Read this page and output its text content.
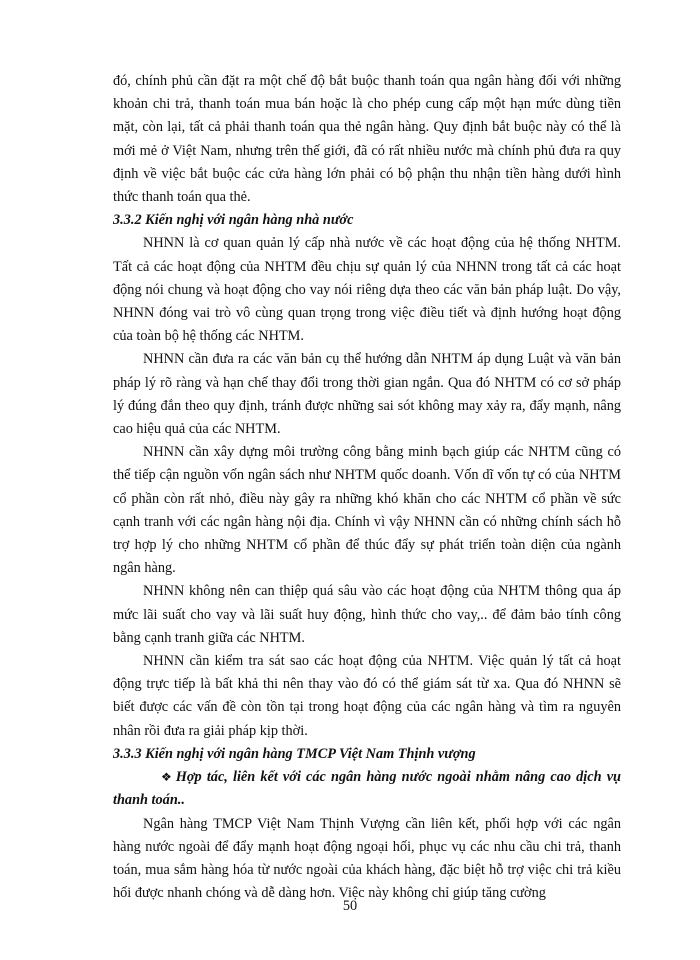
đó, chính phủ cần đặt ra một chế độ bắt buộc thanh toán qua ngân hàng đối với những khoản chi trả, thanh toán mua bán hoặc là cho phép cung cấp một hạn mức dùng tiền mặt, còn lại, tất cả phải thanh toán qua thẻ ngân hàng. Quy định bắt buộc này có thể là mới mẻ ở Việt Nam, nhưng trên thế giới, đã có rất nhiều nước mà chính phủ đưa ra quy định về việc bắt buộc các cửa hàng lớn phải có bộ phận thu nhận tiền hàng dưới hình thức thanh toán qua thẻ.

3.3.2 Kiến nghị với ngân hàng nhà nước

NHNN là cơ quan quản lý cấp nhà nước về các hoạt động của hệ thống NHTM. Tất cả các hoạt động của NHTM đều chịu sự quản lý của NHNN trong tất cả các hoạt động nói chung và hoạt động cho vay nói riêng dựa theo các văn bản pháp luật. Do vậy, NHNN đóng vai trò vô cùng quan trọng trong việc điều tiết và định hướng hoạt động của toàn bộ hệ thống các NHTM.

NHNN cần đưa ra các văn bản cụ thể hướng dẫn NHTM áp dụng Luật và văn bản pháp lý rõ ràng và hạn chế thay đổi trong thời gian ngắn. Qua đó NHTM có cơ sở pháp lý đúng đắn theo quy định, tránh được những sai sót không may xảy ra, đẩy mạnh, nâng cao hiệu quả của các NHTM.

NHNN cần xây dựng môi trường công bằng minh bạch giúp các NHTM cũng có thể tiếp cận nguồn vốn ngân sách như NHTM quốc doanh. Vốn dĩ vốn tự có của NHTM cổ phần còn rất nhỏ, điều này gây ra những khó khăn cho các NHTM cổ phần về sức cạnh tranh với các ngân hàng nội địa. Chính vì vậy NHNN cần có những chính sách hỗ trợ hợp lý cho những NHTM cổ phần để thúc đẩy sự phát triển toàn diện của ngành ngân hàng.

NHNN không nên can thiệp quá sâu vào các hoạt động của NHTM thông qua áp mức lãi suất cho vay và lãi suất huy động, hình thức cho vay,.. để đảm bảo tính công bằng cạnh tranh giữa các NHTM.

NHNN cần kiểm tra sát sao các hoạt động của NHTM. Việc quản lý tất cả hoạt động trực tiếp là bất khả thi nên thay vào đó có thể giám sát từ xa. Qua đó NHNN sẽ biết được các vấn đề còn tồn tại trong hoạt động của các ngân hàng và tìm ra nguyên nhân rồi đưa ra giải pháp kịp thời.

3.3.3 Kiến nghị với ngân hàng TMCP Việt Nam Thịnh vượng

❖ Hợp tác, liên kết với các ngân hàng nước ngoài nhằm nâng cao dịch vụ thanh toán..

Ngân hàng TMCP Việt Nam Thịnh Vượng cần liên kết, phối hợp với các ngân hàng nước ngoài để đẩy mạnh hoạt động ngoại hối, phục vụ các nhu cầu chi trả, thanh toán, mua sắm hàng hóa từ nước ngoài của khách hàng, đặc biệt hỗ trợ việc chi trả kiều hối được nhanh chóng và dễ dàng hơn. Việc này không chỉ giúp tăng cường

50
